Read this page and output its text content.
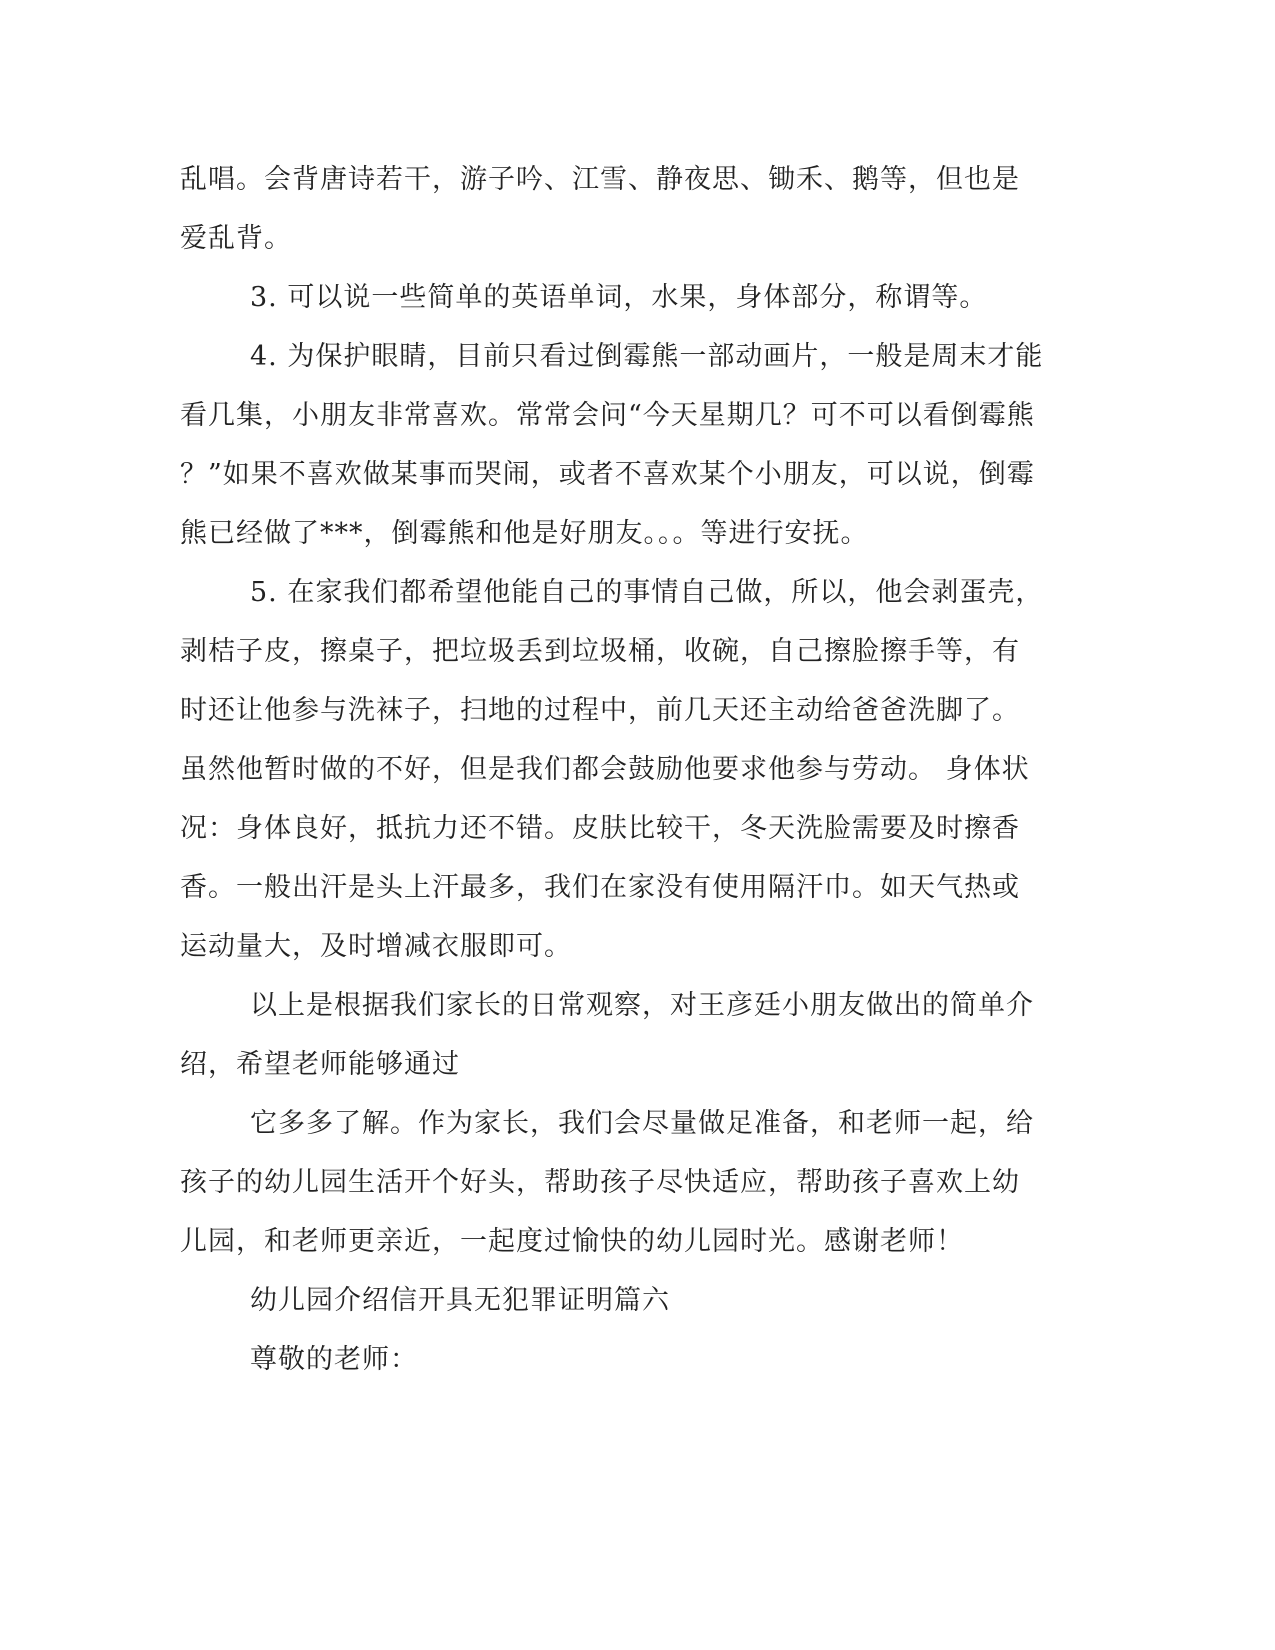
乱唱。会背唐诗若干，游子吟、江雪、静夜思、锄禾、鹅等，但也是
爱乱背。
3. 可以说一些简单的英语单词，水果，身体部分，称谓等。
4. 为保护眼睛，目前只看过倒霉熊一部动画片，一般是周末才能
看几集，小朋友非常喜欢。常常会问“今天星期几？可不可以看倒霉熊
？”如果不喜欢做某事而哭闹，或者不喜欢某个小朋友，可以说，倒霉
熊已经做了***，倒霉熊和他是好朋友。。。等进行安抚。
5. 在家我们都希望他能自己的事情自己做，所以，他会剥蛋壳，
剥桔子皮，擦桌子，把垃圾丢到垃圾桶，收碗，自己擦脸擦手等，有
时还让他参与洗袜子，扫地的过程中，前几天还主动给爸爸洗脚了。
虽然他暂时做的不好，但是我们都会鼓励他要求他参与劳动。 身体状
况：身体良好，抵抗力还不错。皮肤比较干，冬天洗脸需要及时擦香
香。一般出汗是头上汗最多，我们在家没有使用隔汗巾。如天气热或
运动量大，及时增减衣服即可。
以上是根据我们家长的日常观察，对王彦廷小朋友做出的简单介
绍，希望老师能够通过
它多多了解。作为家长，我们会尽量做足准备，和老师一起，给
孩子的幼儿园生活开个好头，帮助孩子尽快适应，帮助孩子喜欢上幼
儿园，和老师更亲近，一起度过愉快的幼儿园时光。感谢老师！
幼儿园介绍信开具无犯罪证明篇六
尊敬的老师：
